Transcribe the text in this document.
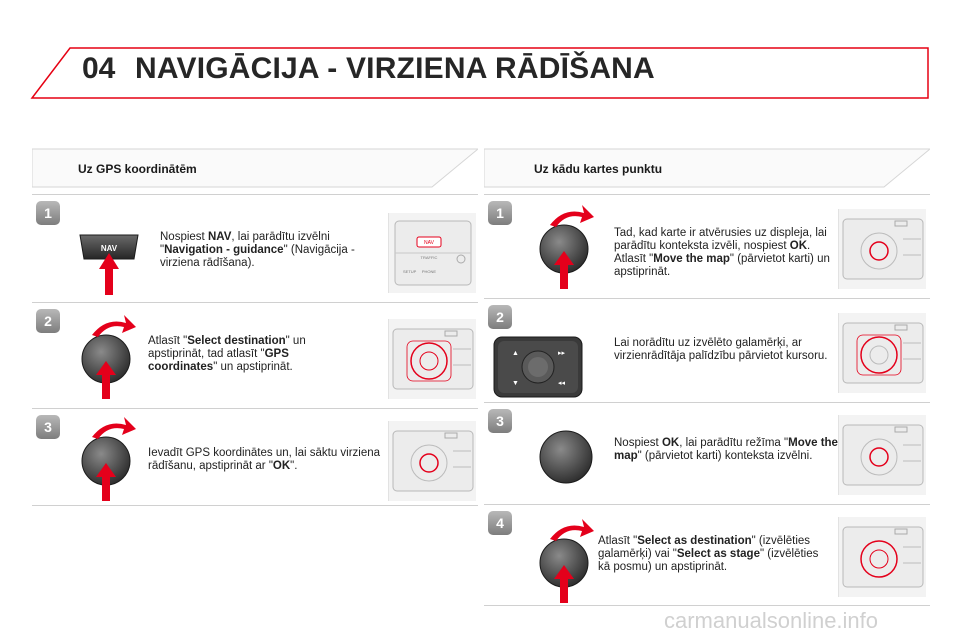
04 NAVIGĀCIJA - VIRZIENA RĀDĪŠANA
Uz GPS koordinātēm	Uz kādu kartes punktu
1
NAV
Nospiest NAV, lai parādītu izvēlni "Navigation - guidance" (Navigācija - virziena rādīšana).
NAV
TRAFFIC
PHONE
SETUP
2
Atlasīt "Select destination" un apstiprināt, tad atlasīt "GPS coordinates" un apstiprināt.
3
Ievadīt GPS koordinātes un, lai sāktu virziena rādīšanu, apstiprināt ar "OK".
1
Tad, kad karte ir atvērusies uz displeja, lai parādītu konteksta izvēli, nospiest OK. Atlasīt "Move the map" (pārvietot karti) un apstiprināt.
2
▲	▸▸
▼	◂◂
Lai norādītu uz izvēlēto galamērķi, ar virzienrādītāja palīdzību pārvietot kursoru.
3
Nospiest OK, lai parādītu režīma "Move the map" (pārvietot karti) konteksta izvēlni.
4
Atlasīt "Select as destination" (izvēlēties galamērķi) vai "Select as stage" (izvēlēties kā posmu) un apstiprināt.
carmanualsonline.info
